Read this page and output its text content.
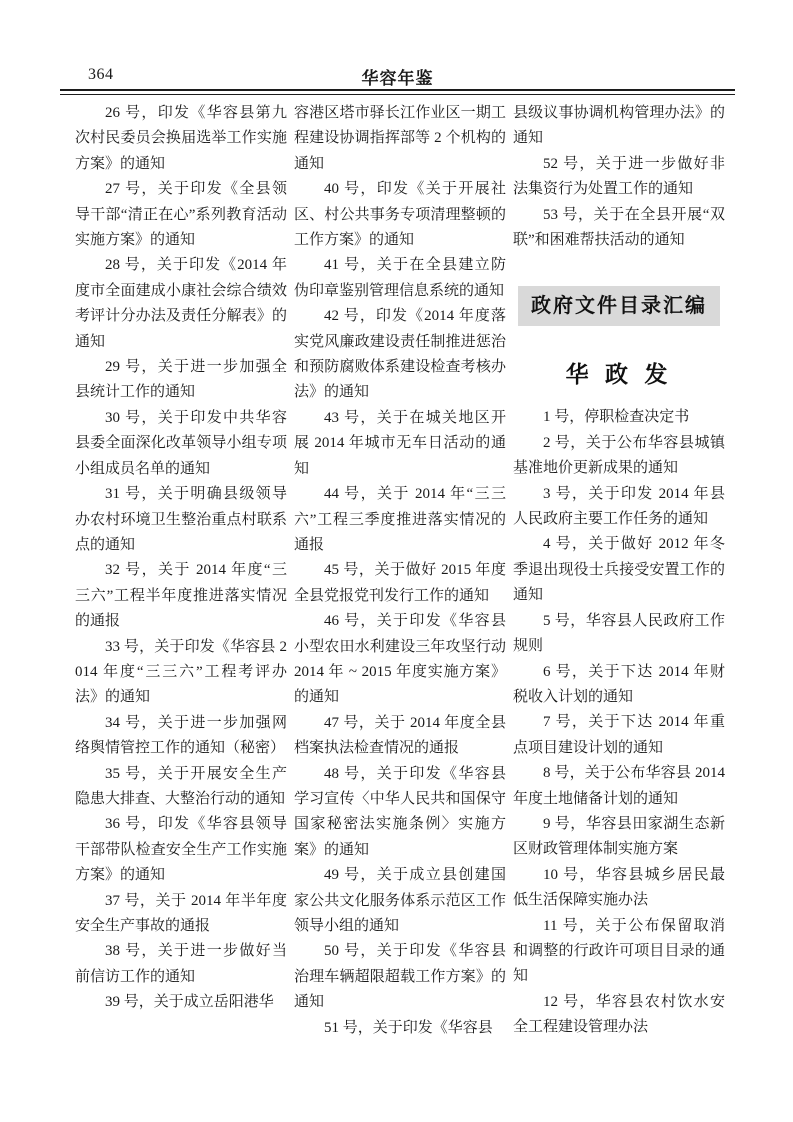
364	华容年鉴

26 号，印发《华容县第九次村民委员会换届选举工作实施方案》的通知

27 号，关于印发《全县领导干部“清正在心”系列教育活动实施方案》的通知

28 号，关于印发《2014 年度市全面建成小康社会综合绩效考评计分办法及责任分解表》的通知

29 号，关于进一步加强全县统计工作的通知

30 号，关于印发中共华容县委全面深化改革领导小组专项小组成员名单的通知

31 号，关于明确县级领导办农村环境卫生整治重点村联系点的通知

32 号，关于 2014 年度“三三六”工程半年度推进落实情况的通报

33 号，关于印发《华容县 2014 年度“三三六”工程考评办法》的通知

34 号，关于进一步加强网络舆情管控工作的通知（秘密）

35 号，关于开展安全生产隐患大排查、大整治行动的通知

36 号，印发《华容县领导干部带队检查安全生产工作实施方案》的通知

37 号，关于 2014 年半年度安全生产事故的通报

38 号，关于进一步做好当前信访工作的通知

39 号，关于成立岳阳港华

容港区塔市驿长江作业区一期工程建设协调指挥部等 2 个机构的通知

40 号，印发《关于开展社区、村公共事务专项清理整顿的工作方案》的通知

41 号，关于在全县建立防伪印章鉴别管理信息系统的通知

42 号，印发《2014 年度落实党风廉政建设责任制推进惩治和预防腐败体系建设检查考核办法》的通知

43 号，关于在城关地区开展 2014 年城市无车日活动的通知

44 号，关于 2014 年“三三六”工程三季度推进落实情况的通报

45 号，关于做好 2015 年度全县党报党刊发行工作的通知

46 号，关于印发《华容县小型农田水利建设三年攻坚行动 2014 年 ~ 2015 年度实施方案》的通知

47 号，关于 2014 年度全县档案执法检查情况的通报

48 号，关于印发《华容县学习宣传〈中华人民共和国保守国家秘密法实施条例〉实施方案》的通知

49 号，关于成立县创建国家公共文化服务体系示范区工作领导小组的通知

50 号，关于印发《华容县治理车辆超限超载工作方案》的通知

51 号，关于印发《华容县

县级议事协调机构管理办法》的通知

52 号，关于进一步做好非法集资行为处置工作的通知

53 号，关于在全县开展“双联”和困难帮扶活动的通知

政府文件目录汇编
华 政 发

1 号，停职检查决定书

2 号，关于公布华容县城镇基准地价更新成果的通知

3 号，关于印发 2014 年县人民政府主要工作任务的通知

4 号，关于做好 2012 年冬季退出现役士兵接受安置工作的通知

5 号，华容县人民政府工作规则

6 号，关于下达 2014 年财税收入计划的通知

7 号，关于下达 2014 年重点项目建设计划的通知

8 号，关于公布华容县 2014 年度土地储备计划的通知

9 号，华容县田家湖生态新区财政管理体制实施方案

10 号，华容县城乡居民最低生活保障实施办法

11 号，关于公布保留取消和调整的行政许可项目目录的通知

12 号，华容县农村饮水安全工程建设管理办法
